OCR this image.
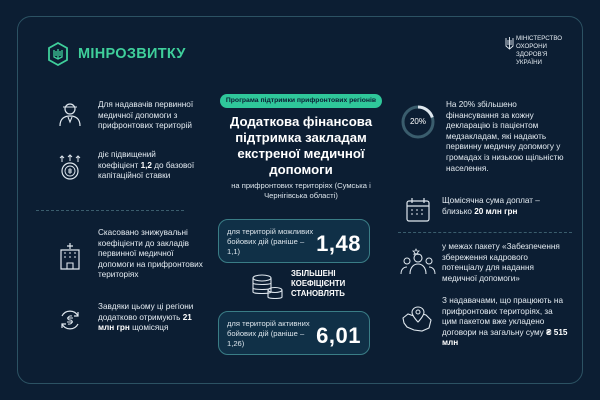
МІНРОЗВИТКУ
МІНІСТЕРСТВО
ОХОРОНИ
ЗДОРОВ'Я
УКРАЇНИ
Для надавачів первинної медичної допомоги з прифронтових територій
діє підвищений коефіцієнт 1,2 до базової капітаційної ставки
Скасовано знижувальні коефіцієнти до закладів первинної медичної допомоги на прифронтових територіях
Завдяки цьому ці регіони додатково отримують 21 млн грн щомісяця
Програма підтримки прифронтових регіонів
Додаткова фінансова підтримка закладам екстреної медичної допомоги
на прифронтових територіях (Сумська і Чернігівська області)
для територій можливих бойових дій (раніше – 1,1)	1,48
ЗБІЛЬШЕНІ КОЕФІЦІЄНТИ СТАНОВЛЯТЬ
для територій активних бойових дій (раніше – 1,26)	6,01
20%
На 20% збільшено фінансування за кожну декларацію із пацієнтом медзакладам, які надають первинну медичну допомогу у громадах із низькою щільністю населення.
Щомісячна сума доплат – близько 20 млн грн
у межах пакету «Забезпечення збереження кадрового потенціалу для надання медичної допомоги»
З надавачами, що працюють на прифронтових територіях, за цим пакетом вже укладено договори на загальну суму ₴ 515 млн
